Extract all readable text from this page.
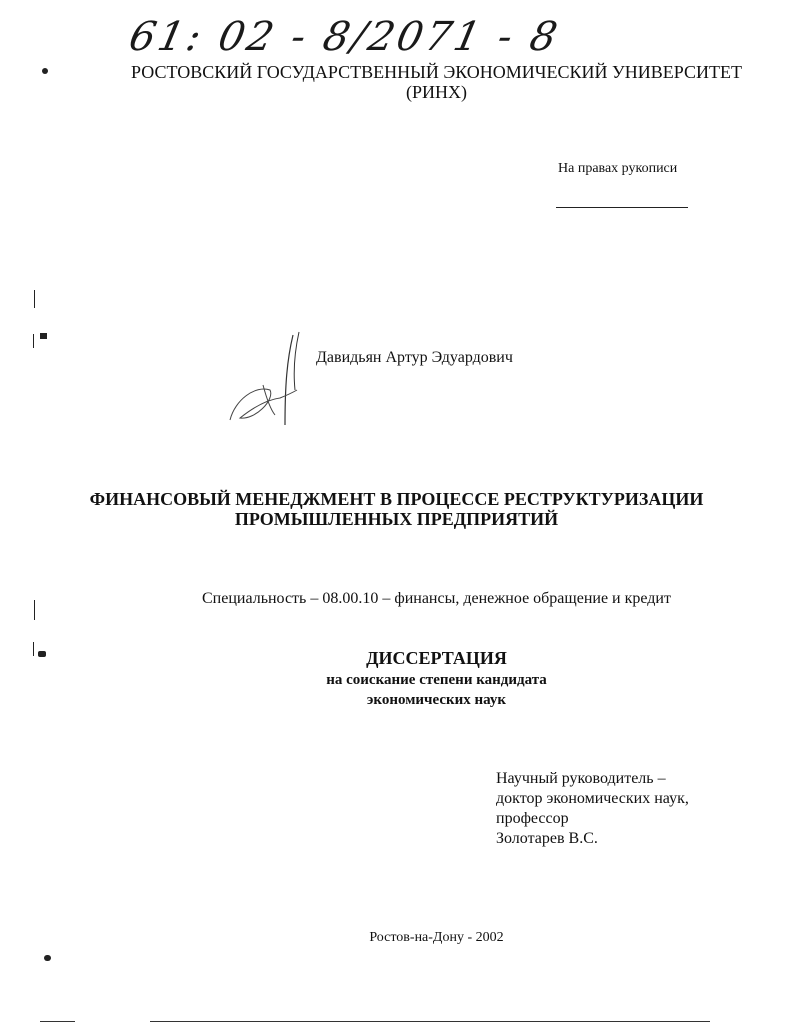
61: 02 - 8/2071 - 8
РОСТОВСКИЙ ГОСУДАРСТВЕННЫЙ ЭКОНОМИЧЕСКИЙ УНИВЕРСИТЕТ
(РИНХ)
На правах рукописи
Давидьян Артур Эдуардович
ФИНАНСОВЫЙ МЕНЕДЖМЕНТ В ПРОЦЕССЕ РЕСТРУКТУРИЗАЦИИ
ПРОМЫШЛЕННЫХ ПРЕДПРИЯТИЙ
Специальность – 08.00.10 – финансы, денежное обращение и кредит
ДИССЕРТАЦИЯ
на соискание степени кандидата
экономических наук
Научный руководитель –
доктор экономических наук,
профессор
Золотарев В.С.
Ростов-на-Дону - 2002
